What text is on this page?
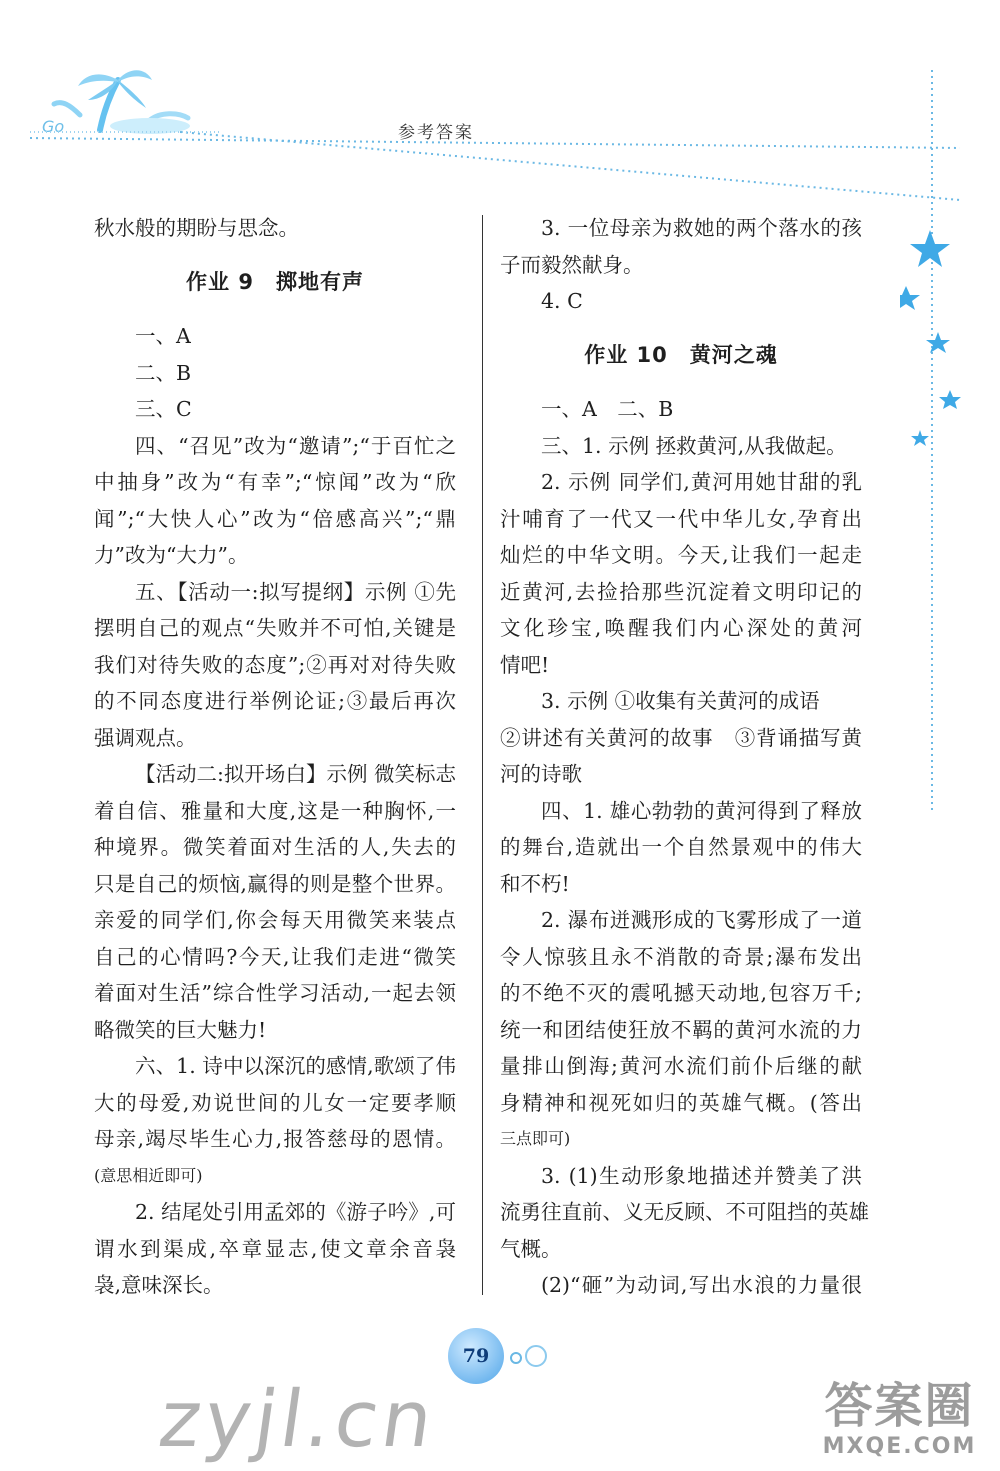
Go	参考答案
秋水般的期盼与思念。
作业 9　掷地有声
一、A
二、B
三、C
四、“召见”改为“邀请”;“于百忙之
中抽身”改为“有幸”;“惊闻”改为“欣
闻”;“大快人心”改为“倍感高兴”;“鼎
力”改为“大力”。
五、【活动一:拟写提纲】示例 ①先
摆明自己的观点“失败并不可怕,关键是
我们对待失败的态度”;②再对对待失败
的不同态度进行举例论证;③最后再次
强调观点。
【活动二:拟开场白】示例 微笑标志
着自信、雅量和大度,这是一种胸怀,一
种境界。微笑着面对生活的人,失去的
只是自己的烦恼,赢得的则是整个世界。
亲爱的同学们,你会每天用微笑来装点
自己的心情吗?今天,让我们走进“微笑
着面对生活”综合性学习活动,一起去领
略微笑的巨大魅力!
六、1. 诗中以深沉的感情,歌颂了伟
大的母爱,劝说世间的儿女一定要孝顺
母亲,竭尽毕生心力,报答慈母的恩情。
(意思相近即可)
2. 结尾处引用孟郊的《游子吟》,可
谓水到渠成,卒章显志,使文章余音袅
袅,意味深长。
3. 一位母亲为救她的两个落水的孩
子而毅然献身。
4. C
作业 10　黄河之魂
一、A　二、B
三、1. 示例 拯救黄河,从我做起。
2. 示例 同学们,黄河用她甘甜的乳
汁哺育了一代又一代中华儿女,孕育出
灿烂的中华文明。今天,让我们一起走
近黄河,去捡拾那些沉淀着文明印记的
文化珍宝,唤醒我们内心深处的黄河
情吧!
3. 示例 ①收集有关黄河的成语
②讲述有关黄河的故事　③背诵描写黄
河的诗歌
四、1. 雄心勃勃的黄河得到了释放
的舞台,造就出一个自然景观中的伟大
和不朽!
2. 瀑布迸溅形成的飞雾形成了一道
令人惊骇且永不消散的奇景;瀑布发出
的不绝不灭的震吼撼天动地,包容万千;
统一和团结使狂放不羁的黄河水流的力
量排山倒海;黄河水流们前仆后继的献
身精神和视死如归的英雄气概。(答出
三点即可)
3. (1)生动形象地描述并赞美了洪
流勇往直前、义无反顾、不可阻挡的英雄
气概。
(2)“砸”为动词,写出水浪的力量很
79
zyjl.cn	答案圈
MXQE.COM
